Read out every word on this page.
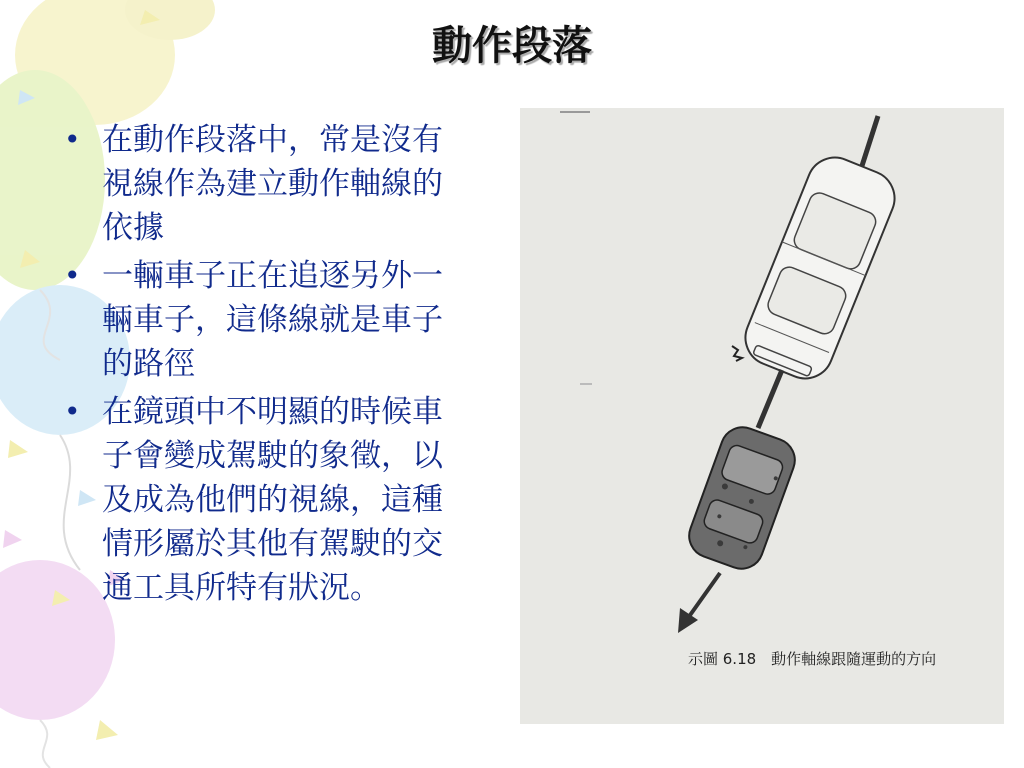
動作段落
• 在動作段落中，常是沒有視線作為建立動作軸線的依據
• 一輛車子正在追逐另外一輛車子，這條線就是車子的路徑
• 在鏡頭中不明顯的時候車子會變成駕駛的象徵，以及成為他們的視線，這種情形屬於其他有駕駛的交通工具所特有狀況。
示圖 6.18　動作軸線跟隨運動的方向
